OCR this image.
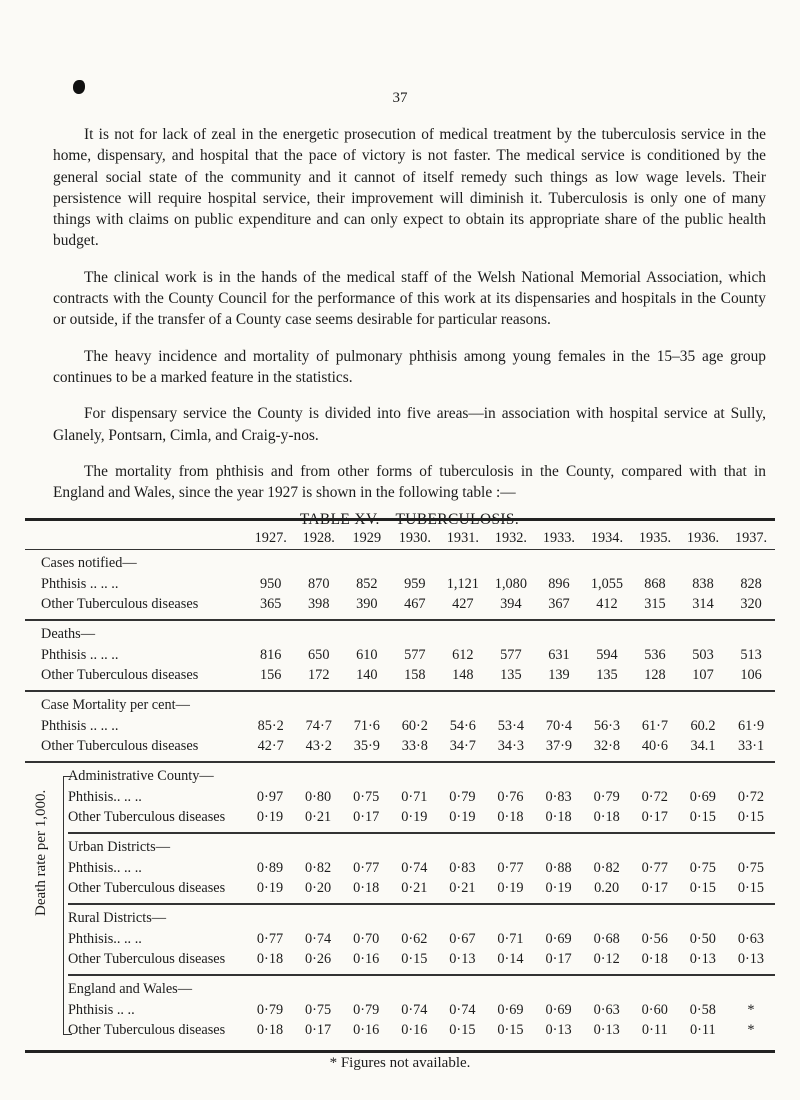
37

It is not for lack of zeal in the energetic prosecution of medical treatment by the tuberculosis service in the home, dispensary, and hospital that the pace of victory is not faster. The medical service is conditioned by the general social state of the community and it cannot of itself remedy such things as low wage levels. Their persistence will require hospital service, their improvement will diminish it. Tuberculosis is only one of many things with claims on public expenditure and can only expect to obtain its appropriate share of the public health budget.

The clinical work is in the hands of the medical staff of the Welsh National Memorial Association, which contracts with the County Council for the performance of this work at its dispensaries and hospitals in the County or outside, if the transfer of a County case seems desirable for particular reasons.

The heavy incidence and mortality of pulmonary phthisis among young females in the 15–35 age group continues to be a marked feature in the statistics.

For dispensary service the County is divided into five areas—in association with hospital service at Sully, Glanely, Pontsarn, Cimla, and Craig-y-nos.

The mortality from phthisis and from other forms of tuberculosis in the County, compared with that in England and Wales, since the year 1927 is shown in the following table :—

TABLE XV.—TUBERCULOSIS.
1927.	1928.	1929	1930.	1931.	1932.	1933.	1934.	1935.	1936.	1937.
Cases notified—
Phthisis .. .. ..	950	870	852	959	1,121	1,080	896	1,055	868	838	828
Other Tuberculous diseases	365	398	390	467	427	394	367	412	315	314	320
Deaths—
Phthisis .. .. ..	816	650	610	577	612	577	631	594	536	503	513
Other Tuberculous diseases	156	172	140	158	148	135	139	135	128	107	106
Case Mortality per cent—
Phthisis .. .. ..	85·2	74·7	71·6	60·2	54·6	53·4	70·4	56·3	61·7	60.2	61·9
Other Tuberculous diseases	42·7	43·2	35·9	33·8	34·7	34·3	37·9	32·8	40·6	34.1	33·1
Death rate per 1,000.
Administrative County—
Phthisis.. .. ..	0·97	0·80	0·75	0·71	0·79	0·76	0·83	0·79	0·72	0·69	0·72
Other Tuberculous diseases	0·19	0·21	0·17	0·19	0·19	0·18	0·18	0·18	0·17	0·15	0·15
Urban Districts—
Phthisis.. .. ..	0·89	0·82	0·77	0·74	0·83	0·77	0·88	0·82	0·77	0·75	0·75
Other Tuberculous diseases	0·19	0·20	0·18	0·21	0·21	0·19	0·19	0.20	0·17	0·15	0·15
Rural Districts—
Phthisis.. .. ..	0·77	0·74	0·70	0·62	0·67	0·71	0·69	0·68	0·56	0·50	0·63
Other Tuberculous diseases	0·18	0·26	0·16	0·15	0·13	0·14	0·17	0·12	0·18	0·13	0·13
England and Wales—
Phthisis .. ..	0·79	0·75	0·79	0·74	0·74	0·69	0·69	0·63	0·60	0·58	*
Other Tuberculous diseases	0·18	0·17	0·16	0·16	0·15	0·15	0·13	0·13	0·11	0·11	*
* Figures not available.
